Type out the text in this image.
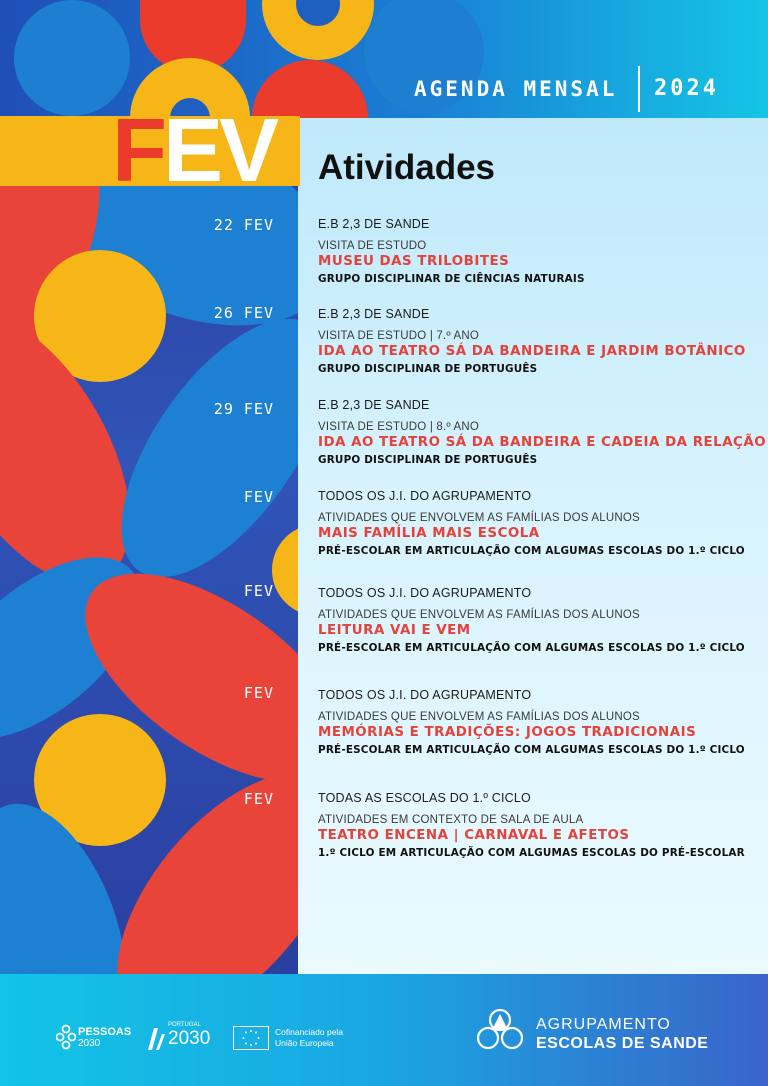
AGENDA MENSAL 2024
FEV Atividades
22 FEV	E.B 2,3 DE SANDE
VISITA DE ESTUDO
MUSEU DAS TRILOBITES
GRUPO DISCIPLINAR DE CIÊNCIAS NATURAIS
26 FEV	E.B 2,3 DE SANDE
VISITA DE ESTUDO | 7.º ANO
IDA AO TEATRO SÁ DA BANDEIRA E JARDIM BOTÂNICO
GRUPO DISCIPLINAR DE PORTUGUÊS
29 FEV	E.B 2,3 DE SANDE
VISITA DE ESTUDO | 8.º ANO
IDA AO TEATRO SÁ DA BANDEIRA E CADEIA DA RELAÇÃO
GRUPO DISCIPLINAR DE PORTUGUÊS
FEV	TODOS OS J.I. DO AGRUPAMENTO
ATIVIDADES QUE ENVOLVEM AS FAMÍLIAS DOS ALUNOS
MAIS FAMÍLIA MAIS ESCOLA
PRÉ-ESCOLAR EM ARTICULAÇÃO COM ALGUMAS ESCOLAS DO 1.º CICLO
FEV	TODOS OS J.I. DO AGRUPAMENTO
ATIVIDADES QUE ENVOLVEM AS FAMÍLIAS DOS ALUNOS
LEITURA VAI E VEM
PRÉ-ESCOLAR EM ARTICULAÇÃO COM ALGUMAS ESCOLAS DO 1.º CICLO
FEV	TODOS OS J.I. DO AGRUPAMENTO
ATIVIDADES QUE ENVOLVEM AS FAMÍLIAS DOS ALUNOS
MEMÓRIAS E TRADIÇÕES: JOGOS TRADICIONAIS
PRÉ-ESCOLAR EM ARTICULAÇÃO COM ALGUMAS ESCOLAS DO 1.º CICLO
FEV	TODAS AS ESCOLAS DO 1.º CICLO
ATIVIDADES EM CONTEXTO DE SALA DE AULA
TEATRO ENCENA | CARNAVAL E AFETOS
1.º CICLO EM ARTICULAÇÃO COM ALGUMAS ESCOLAS DO PRÉ-ESCOLAR
PESSOAS
2030
PORTUGAL
2030	Cofinanciado pela
União Europeia
AGRUPAMENTO
ESCOLAS DE SANDE
